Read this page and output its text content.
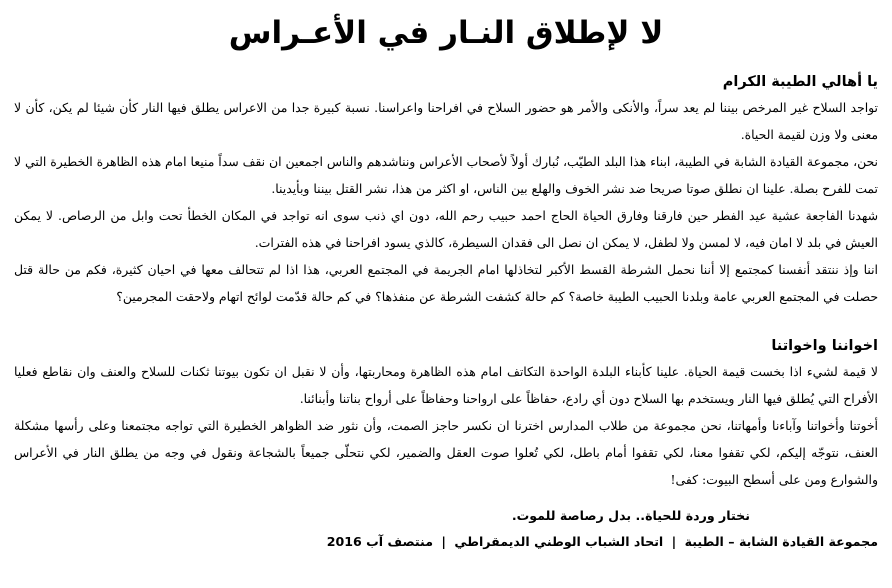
لا لإطلاق النـار في الأعـراس
يا أهالي الطيبة الكرام

تواجد السلاح غير المرخص بيننا لم يعد سراً، والأنكى والأمر هو حضور السلاح في افراحنا واعراسنا. نسبة كبيرة جدا من الاعراس يطلق فيها النار كأن شيئا لم يكن، كأن لا معنى ولا وزن لقيمة الحياة.

نحن، مجموعة القيادة الشابة في الطيبة، ابناء هذا البلد الطيّب، نُبارك أولاً لأصحاب الأعراس ونناشدهم والناس اجمعين ان نقف سداً منيعا امام هذه الظاهرة الخطيرة التي لا تمت للفرح بصلة. علينا ان نطلق صوتا صريحا ضد نشر الخوف والهلع بين الناس، او اكثر من هذا، نشر القتل بيننا وبأيدينا.

شهدنا الفاجعة عشية عيد الفطر حين فارقنا وفارق الحياة الحاج احمد حبيب رحم الله، دون اي ذنب سوى انه تواجد في المكان الخطأ تحت وابل من الرصاص. لا يمكن العيش في بلد لا امان فيه، لا لمسن ولا لطفل، لا يمكن ان نصل الى فقدان السيطرة، كالذي يسود افراحنا في هذه الفترات.

اننا وإذ ننتقد أنفسنا كمجتمع إلا أننا نحمل الشرطة القسط الأكبر لتخاذلها امام الجريمة في المجتمع العربي، هذا اذا لم تتحالف معها في احيان كثيرة، فكم من حالة قتل حصلت في المجتمع العربي عامة وبلدنا الحبيب الطيبة خاصة؟ كم حالة كشفت الشرطة عن منفذها؟ في كم حالة قدّمت لوائح اتهام ولاحقت المجرمين؟

اخواننا واخواتنا

لا قيمة لشيء اذا بخست قيمة الحياة. علينا كأبناء البلدة الواحدة التكاتف امام هذه الظاهرة ومحاربتها، وأن لا نقبل ان تكون بيوتنا ثكنات للسلاح والعنف وان نقاطع فعليا الأفراح التي يُطلق فيها النار ويستخدم بها السلاح دون أي رادع، حفاظاً على ارواحنا وحفاظاً على أرواح بناتنا وأبنائنا.

أخوتنا وأخواتنا وآباءنا وأمهاتنا، نحن مجموعة من طلاب المدارس اخترنا ان نكسر حاجز الصمت، وأن نثور ضد الظواهر الخطيرة التي تواجه مجتمعنا وعلى رأسها مشكلة العنف، نتوجّه إليكم، لكي تقفوا معنا، لكي تقفوا أمام باطل، لكي تُعلوا صوت العقل والضمير، لكي نتحلّى جميعاً بالشجاعة ونقول في وجه من يطلق النار في الأعراس والشوارع ومن على أسطح البيوت: كفى!

نختار وردة للحياة.. بدل رصاصة للموت.

مجموعة القيادة الشابة – الطيبة | اتحاد الشباب الوطني الديمقراطي | منتصف آب 2016
